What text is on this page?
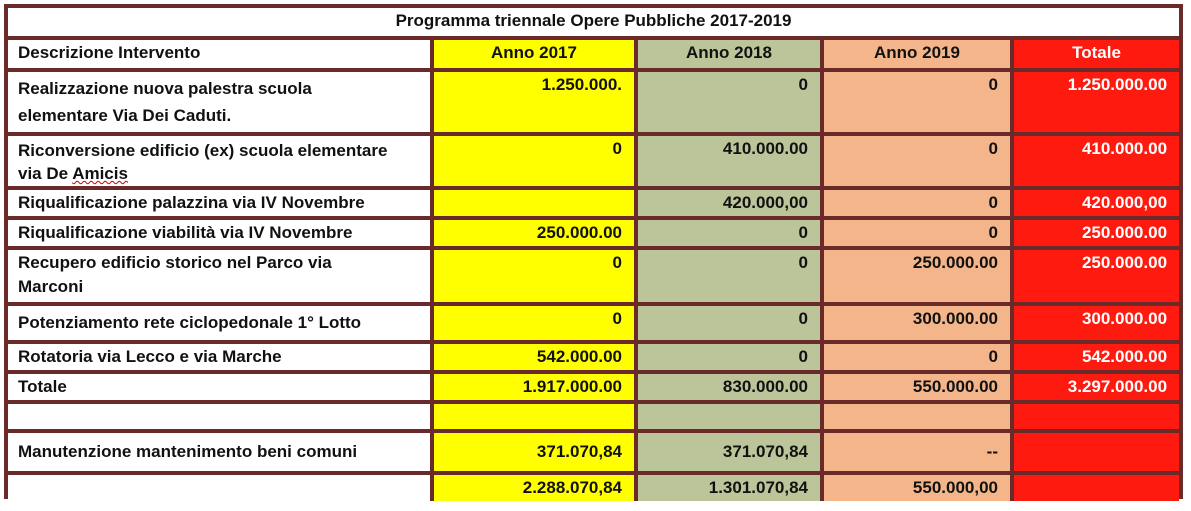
Programma triennale Opere Pubbliche 2017-2019				
Descrizione Intervento	Anno 2017	Anno 2018	Anno 2019	Totale

Realizzazione nuova palestra scuola
elementare Via Dei Caduti.	1.250.000.	0	0	1.250.000.00

Riconversione edificio (ex) scuola elementare
via De Amicis	0	410.000.00	0	410.000.00
Riqualificazione palazzina via IV Novembre		420.000,00	0	420.000,00
Riqualificazione viabilità via IV Novembre	250.000.00	0	0	250.000.00

Recupero edificio storico nel Parco via
Marconi	0	0	250.000.00	250.000.00
Potenziamento rete ciclopedonale 1° Lotto	0	0	300.000.00	300.000.00
Rotatoria via Lecco e via Marche	542.000.00	0	0	542.000.00
Totale	1.917.000.00	830.000.00	550.000.00	3.297.000.00

Manutenzione mantenimento beni comuni	371.070,84	371.070,84	--	
	2.288.070,84	1.301.070,84	550.000,00	
